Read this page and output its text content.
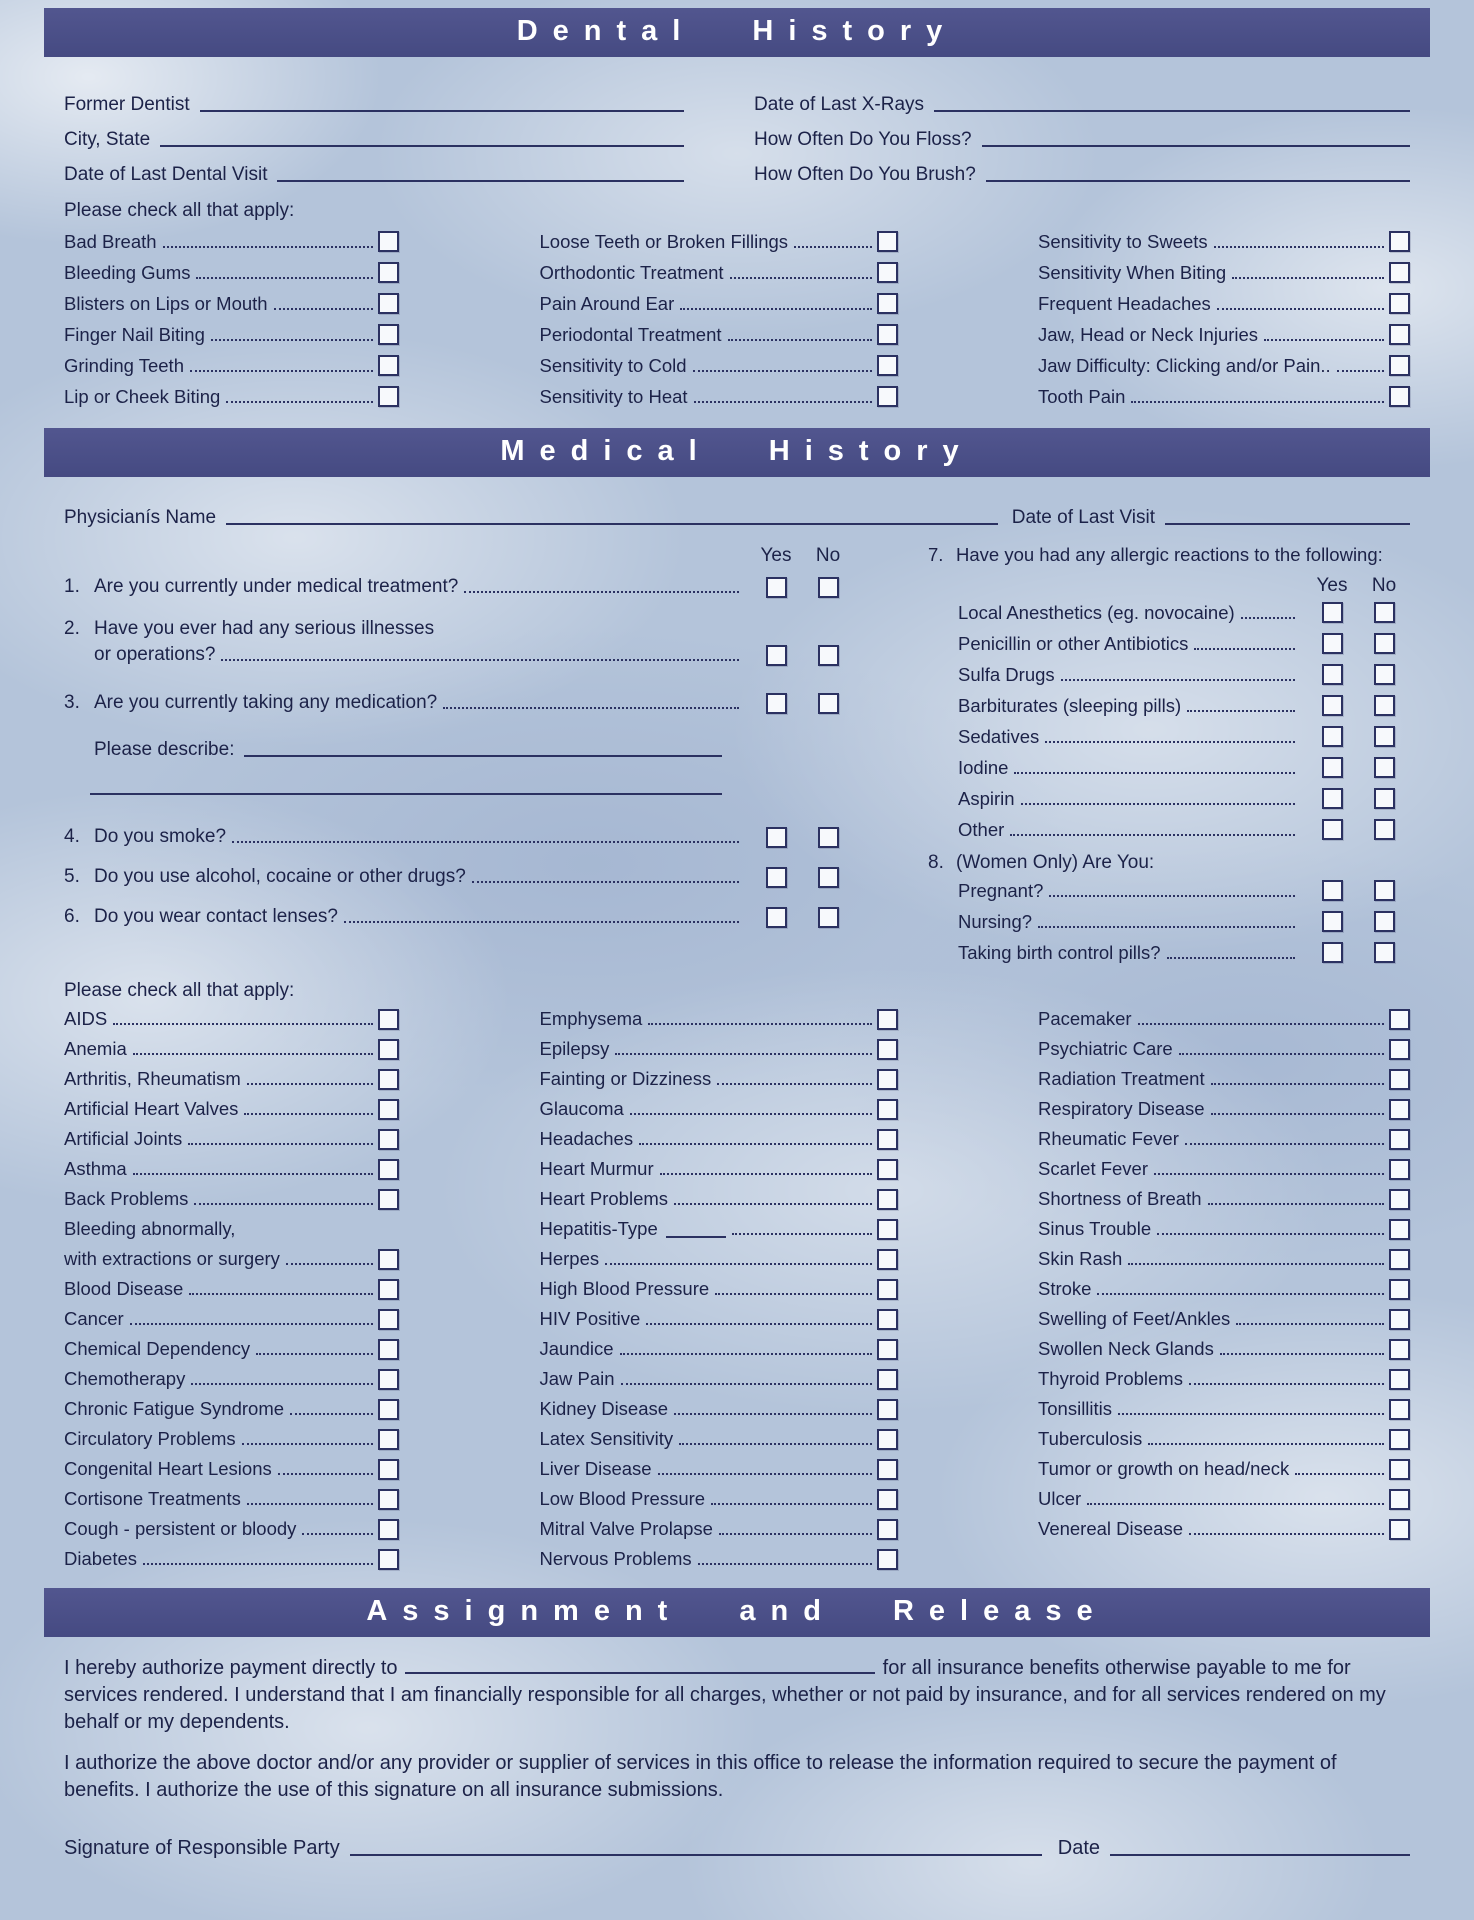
Dental History
Former Dentist
City, State
Date of Last Dental Visit
Date of Last X-Rays
How Often Do You Floss?
How Often Do You Brush?
Please check all that apply:
Bad Breath
Bleeding Gums
Blisters on Lips or Mouth
Finger Nail Biting
Grinding Teeth
Lip or Cheek Biting
Loose Teeth or Broken Fillings
Orthodontic Treatment
Pain Around Ear
Periodontal Treatment
Sensitivity to Cold
Sensitivity to Heat
Sensitivity to Sweets
Sensitivity When Biting
Frequent Headaches
Jaw, Head or Neck Injuries
Jaw Difficulty: Clicking and/or Pain..
Tooth Pain
Medical History
Physicianís Name	Date of Last Visit
Yes	No
1. Are you currently under medical treatment?
2. Have you ever had any serious illnesses
or operations?
3. Are you currently taking any medication?
Please describe:
4. Do you smoke?
5. Do you use alcohol, cocaine or other drugs?
6. Do you wear contact lenses?
7. Have you had any allergic reactions to the following:
Yes	No
Local Anesthetics (eg. novocaine)
Penicillin or other Antibiotics
Sulfa Drugs
Barbiturates (sleeping pills)
Sedatives
Iodine
Aspirin
Other
8. (Women Only) Are You:
Pregnant?
Nursing?
Taking birth control pills?
Please check all that apply:
AIDS
Anemia
Arthritis, Rheumatism
Artificial Heart Valves
Artificial Joints
Asthma
Back Problems
Bleeding abnormally,
with extractions or surgery
Blood Disease
Cancer
Chemical Dependency
Chemotherapy
Chronic Fatigue Syndrome
Circulatory Problems
Congenital Heart Lesions
Cortisone Treatments
Cough - persistent or bloody
Diabetes
Emphysema
Epilepsy
Fainting or Dizziness
Glaucoma
Headaches
Heart Murmur
Heart Problems
Hepatitis-Type
Herpes
High Blood Pressure
HIV Positive
Jaundice
Jaw Pain
Kidney Disease
Latex Sensitivity
Liver Disease
Low Blood Pressure
Mitral Valve Prolapse
Nervous Problems
Pacemaker
Psychiatric Care
Radiation Treatment
Respiratory Disease
Rheumatic Fever
Scarlet Fever
Shortness of Breath
Sinus Trouble
Skin Rash
Stroke
Swelling of Feet/Ankles
Swollen Neck Glands
Thyroid Problems
Tonsillitis
Tuberculosis
Tumor or growth on head/neck
Ulcer
Venereal Disease
Assignment and Release

I hereby authorize payment directly to	for all insurance benefits otherwise payable to me for services rendered. I understand that I am financially responsible for all charges, whether or not paid by insurance, and for all services rendered on my behalf or my dependents.

I authorize the above doctor and/or any provider or supplier of services in this office to release the information required to secure the payment of benefits. I authorize the use of this signature on all insurance submissions.

Signature of Responsible Party	Date
